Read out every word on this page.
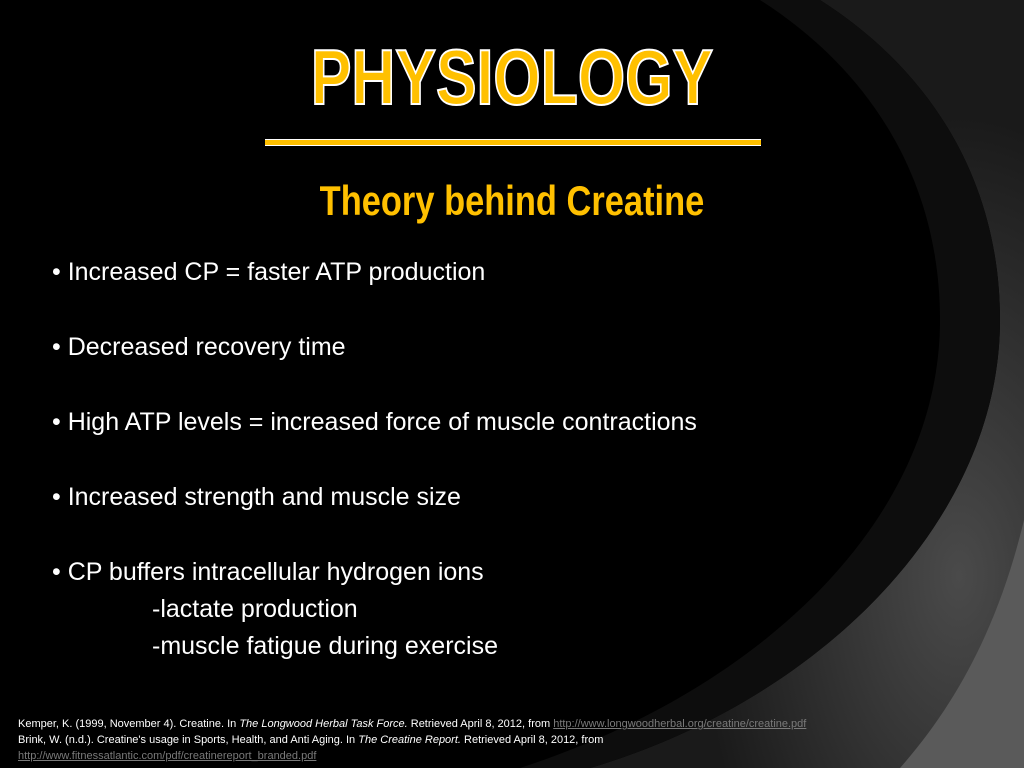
PHYSIOLOGY
Theory behind Creatine

• Increased CP = faster ATP production

• Decreased recovery time

• High ATP levels = increased force of muscle contractions

• Increased strength and muscle size

• CP buffers intracellular hydrogen ions

-lactate production
-muscle fatigue during exercise
Kemper, K. (1999, November 4). Creatine. In The Longwood Herbal Task Force. Retrieved April 8, 2012, from http://www.longwoodherbal.org/creatine/creatine.pdf
Brink, W. (n.d.). Creatine's usage in Sports, Health, and Anti Aging. In The Creatine Report. Retrieved April 8, 2012, from
http://www.fitnessatlantic.com/pdf/creatinereport_branded.pdf
